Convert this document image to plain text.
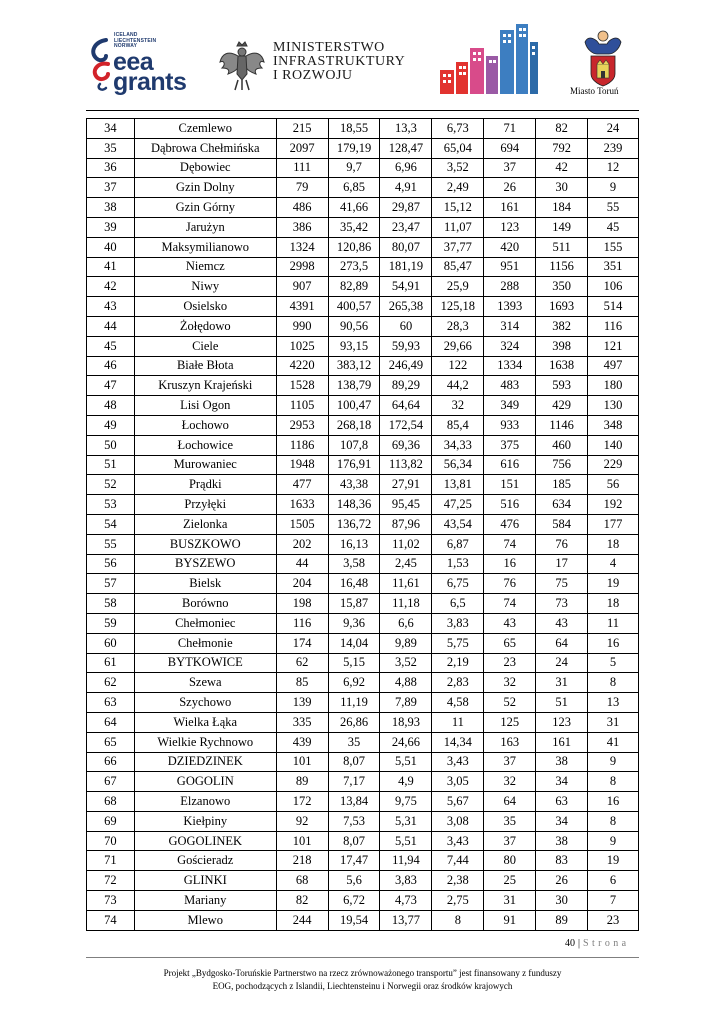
ICELAND
LIECHTENSTEIN
NORWAY
eea
grants
MINISTERSTWO
INFRASTRUKTURY
I ROZWOJU
Miasto Toruń
34	Czemlewo	215	18,55	13,3	6,73	71	82	24
35	Dąbrowa Chełmińska	2097	179,19	128,47	65,04	694	792	239
36	Dębowiec	111	9,7	6,96	3,52	37	42	12
37	Gzin Dolny	79	6,85	4,91	2,49	26	30	9
38	Gzin Górny	486	41,66	29,87	15,12	161	184	55
39	Jarużyn	386	35,42	23,47	11,07	123	149	45
40	Maksymilianowo	1324	120,86	80,07	37,77	420	511	155
41	Niemcz	2998	273,5	181,19	85,47	951	1156	351
42	Niwy	907	82,89	54,91	25,9	288	350	106
43	Osielsko	4391	400,57	265,38	125,18	1393	1693	514
44	Żołędowo	990	90,56	60	28,3	314	382	116
45	Ciele	1025	93,15	59,93	29,66	324	398	121
46	Białe Błota	4220	383,12	246,49	122	1334	1638	497
47	Kruszyn Krajeński	1528	138,79	89,29	44,2	483	593	180
48	Lisi Ogon	1105	100,47	64,64	32	349	429	130
49	Łochowo	2953	268,18	172,54	85,4	933	1146	348
50	Łochowice	1186	107,8	69,36	34,33	375	460	140
51	Murowaniec	1948	176,91	113,82	56,34	616	756	229
52	Prądki	477	43,38	27,91	13,81	151	185	56
53	Przyłęki	1633	148,36	95,45	47,25	516	634	192
54	Zielonka	1505	136,72	87,96	43,54	476	584	177
55	BUSZKOWO	202	16,13	11,02	6,87	74	76	18
56	BYSZEWO	44	3,58	2,45	1,53	16	17	4
57	Bielsk	204	16,48	11,61	6,75	76	75	19
58	Borówno	198	15,87	11,18	6,5	74	73	18
59	Chełmoniec	116	9,36	6,6	3,83	43	43	11
60	Chełmonie	174	14,04	9,89	5,75	65	64	16
61	BYTKOWICE	62	5,15	3,52	2,19	23	24	5
62	Szewa	85	6,92	4,88	2,83	32	31	8
63	Szychowo	139	11,19	7,89	4,58	52	51	13
64	Wielka Łąka	335	26,86	18,93	11	125	123	31
65	Wielkie Rychnowo	439	35	24,66	14,34	163	161	41
66	DZIEDZINEK	101	8,07	5,51	3,43	37	38	9
67	GOGOLIN	89	7,17	4,9	3,05	32	34	8
68	Elzanowo	172	13,84	9,75	5,67	64	63	16
69	Kiełpiny	92	7,53	5,31	3,08	35	34	8
70	GOGOLINEK	101	8,07	5,51	3,43	37	38	9
71	Gościeradz	218	17,47	11,94	7,44	80	83	19
72	GLINKI	68	5,6	3,83	2,38	25	26	6
73	Mariany	82	6,72	4,73	2,75	31	30	7
74	Mlewo	244	19,54	13,77	8	91	89	23
40 | Strona
Projekt „Bydgosko-Toruńskie Partnerstwo na rzecz zrównoważonego transportu” jest finansowany z funduszy
EOG, pochodzących z Islandii, Liechtensteinu i Norwegii oraz środków krajowych
